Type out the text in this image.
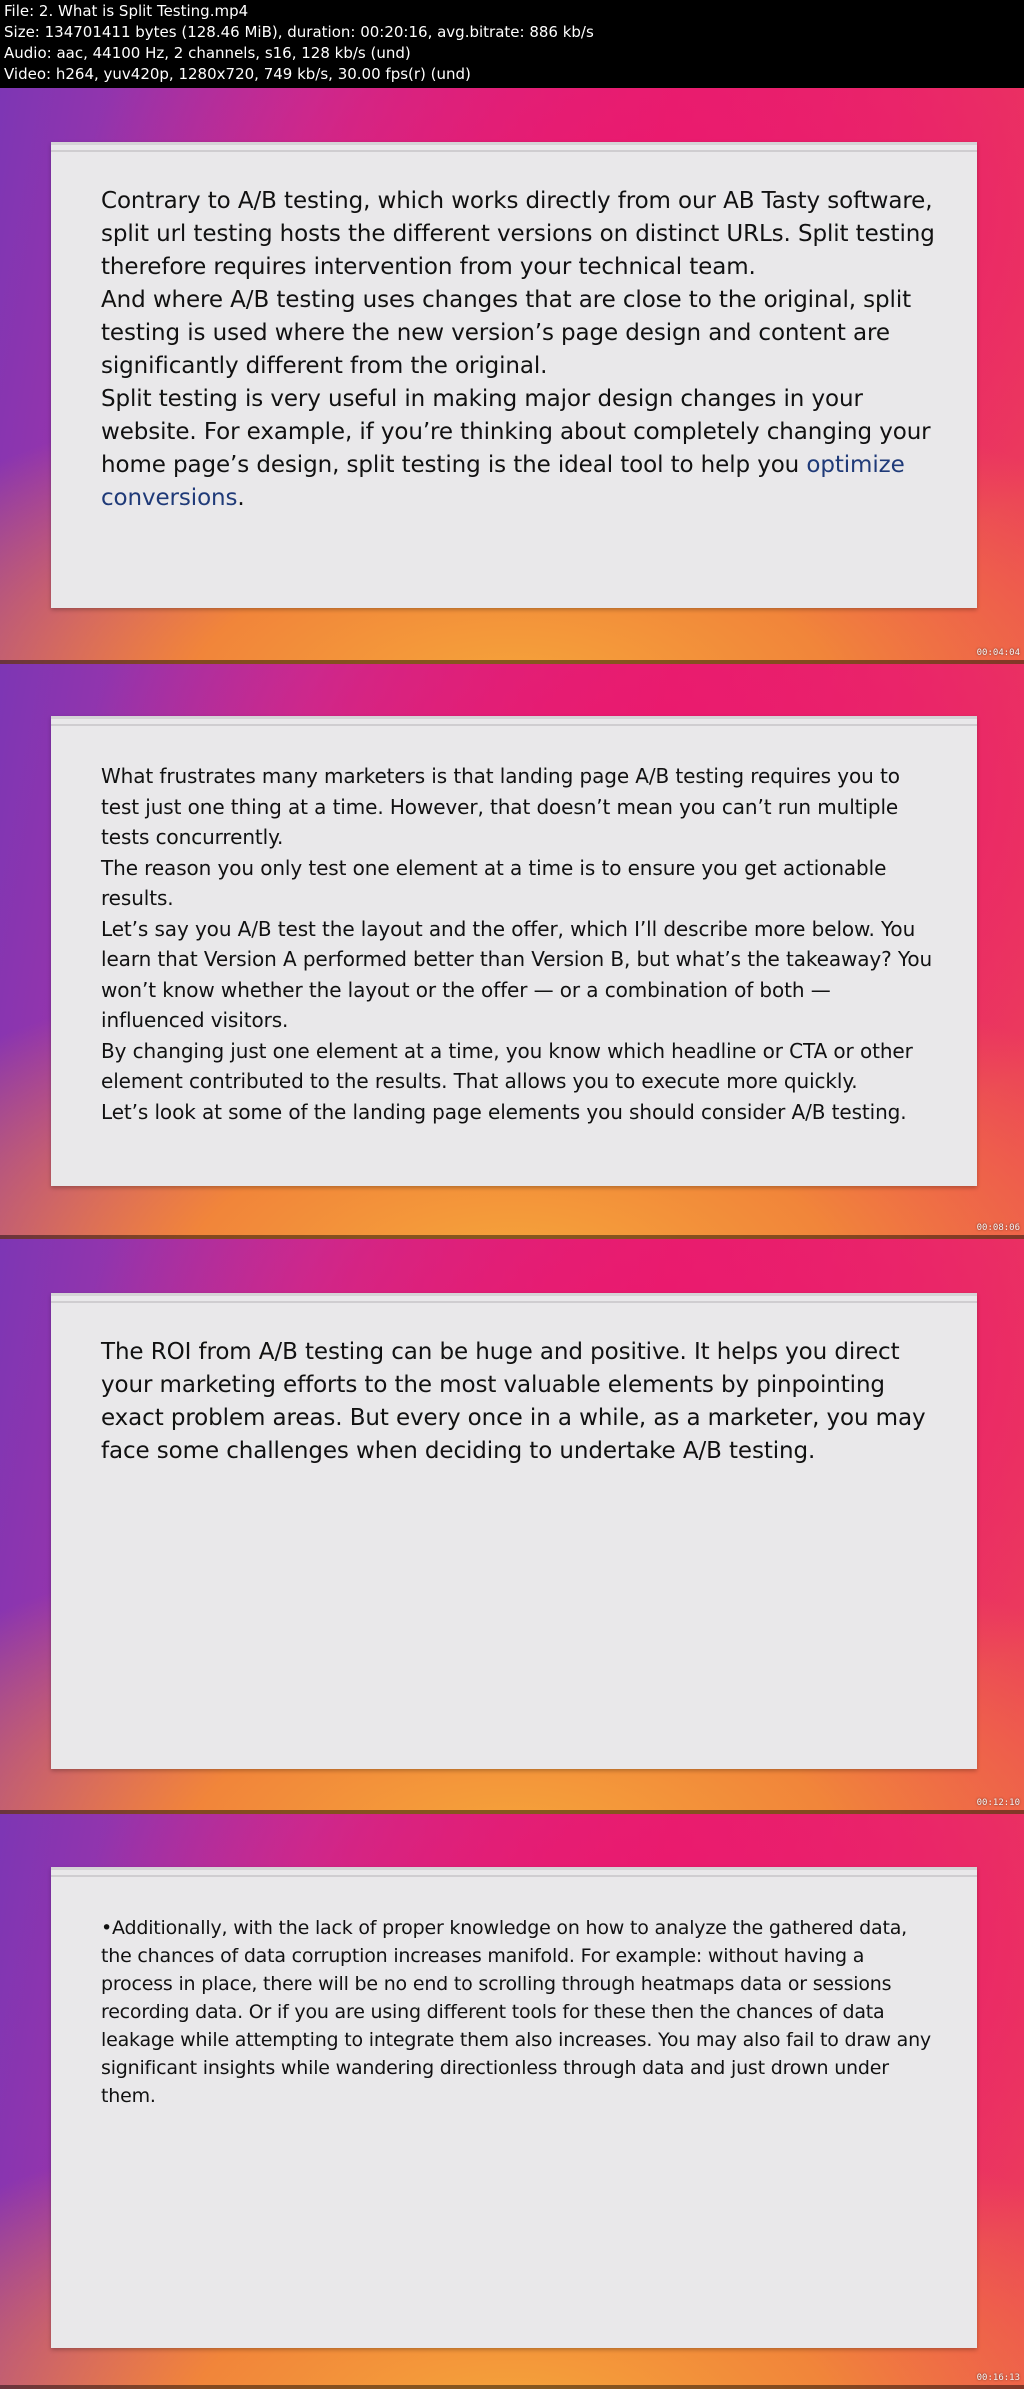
File: 2. What is Split Testing.mp4
Size: 134701411 bytes (128.46 MiB), duration: 00:20:16, avg.bitrate: 886 kb/s
Audio: aac, 44100 Hz, 2 channels, s16, 128 kb/s (und)
Video: h264, yuv420p, 1280x720, 749 kb/s, 30.00 fps(r) (und)

Contrary to A/B testing, which works directly from our AB Tasty software, split url testing hosts the different versions on distinct URLs. Split testing therefore requires intervention from your technical team.

And where A/B testing uses changes that are close to the original, split testing is used where the new version’s page design and content are significantly different from the original.

Split testing is very useful in making major design changes in your website. For example, if you’re thinking about completely changing your home page’s design, split testing is the ideal tool to help you optimize conversions.

00:04:04

What frustrates many marketers is that landing page A/B testing requires you to test just one thing at a time. However, that doesn’t mean you can’t run multiple tests concurrently.

The reason you only test one element at a time is to ensure you get actionable results.

Let’s say you A/B test the layout and the offer, which I’ll describe more below. You learn that Version A performed better than Version B, but what’s the takeaway? You won’t know whether the layout or the offer — or a combination of both — influenced visitors.

By changing just one element at a time, you know which headline or CTA or other element contributed to the results. That allows you to execute more quickly.

Let’s look at some of the landing page elements you should consider A/B testing.

00:08:06

The ROI from A/B testing can be huge and positive. It helps you direct your marketing efforts to the most valuable elements by pinpointing exact problem areas. But every once in a while, as a marketer, you may face some challenges when deciding to undertake A/B testing.

00:12:10

•Additionally, with the lack of proper knowledge on how to analyze the gathered data, the chances of data corruption increases manifold. For example: without having a process in place, there will be no end to scrolling through heatmaps data or sessions recording data. Or if you are using different tools for these then the chances of data leakage while attempting to integrate them also increases. You may also fail to draw any significant insights while wandering directionless through data and just drown under them.

00:16:13
